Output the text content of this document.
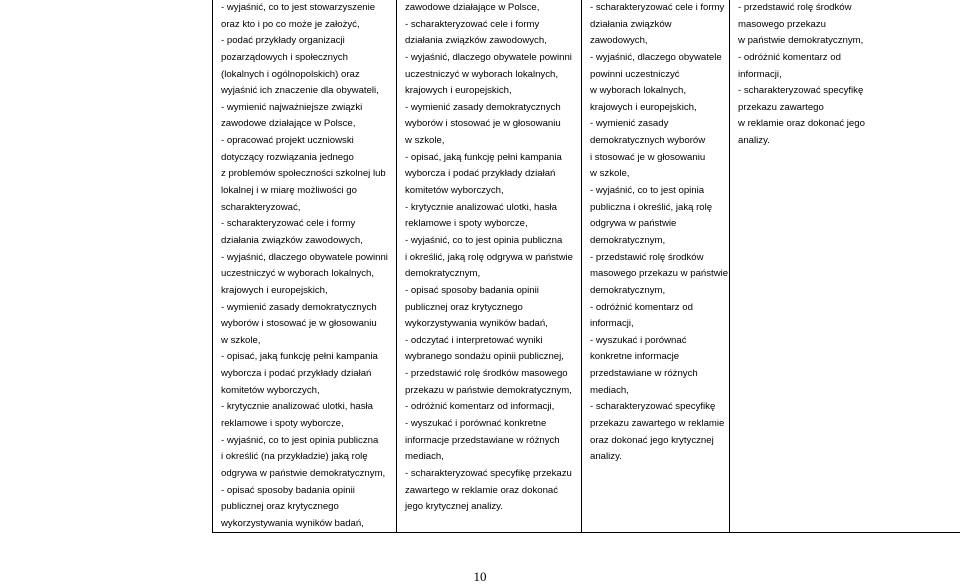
- wyjaśnić, co to jest stowarzyszenie
oraz kto i po co może je założyć,
- podać przykłady organizacji
pozarządowych i społecznych
(lokalnych i ogólnopolskich) oraz
wyjaśnić ich znaczenie dla obywateli,
- wymienić najważniejsze związki
zawodowe działające w Polsce,
- opracować projekt uczniowski
dotyczący rozwiązania jednego
z problemów społeczności szkolnej lub
lokalnej i w miarę możliwości go
scharakteryzować,
- scharakteryzować cele i formy
działania związków zawodowych,
- wyjaśnić, dlaczego obywatele powinni
uczestniczyć w wyborach lokalnych,
krajowych i europejskich,
- wymienić zasady demokratycznych
wyborów i stosować je w głosowaniu
w szkole,
- opisać, jaką funkcję pełni kampania
wyborcza i podać przykłady działań
komitetów wyborczych,
- krytycznie analizować ulotki, hasła
reklamowe i spoty wyborcze,
- wyjaśnić, co to jest opinia publiczna
i określić (na przykładzie) jaką rolę
odgrywa w państwie demokratycznym,
- opisać sposoby badania opinii
publicznej oraz krytycznego
wykorzystywania wyników badań,
zawodowe działające w Polsce,
- scharakteryzować cele i formy
działania związków zawodowych,
- wyjaśnić, dlaczego obywatele powinni
uczestniczyć w wyborach lokalnych,
krajowych i europejskich,
- wymienić zasady demokratycznych
wyborów i stosować je w głosowaniu
w szkole,
- opisać, jaką funkcję pełni kampania
wyborcza i podać przykłady działań
komitetów wyborczych,
- krytycznie analizować ulotki, hasła
reklamowe i spoty wyborcze,
- wyjaśnić, co to jest opinia publiczna
i określić, jaką rolę odgrywa w państwie
demokratycznym,
- opisać sposoby badania opinii
publicznej oraz krytycznego
wykorzystywania wyników badań,
- odczytać i interpretować wyniki
wybranego sondażu opinii publicznej,
- przedstawić rolę środków masowego
przekazu w państwie demokratycznym,
- odróżnić komentarz od informacji,
- wyszukać i porównać konkretne
informacje przedstawiane w różnych
mediach,
- scharakteryzować specyfikę przekazu
zawartego w reklamie oraz dokonać
jego krytycznej analizy.
- scharakteryzować cele i formy
działania związków
zawodowych,
- wyjaśnić, dlaczego obywatele
powinni uczestniczyć
w wyborach lokalnych,
krajowych i europejskich,
- wymienić zasady
demokratycznych wyborów
i stosować je w głosowaniu
w szkole,
- wyjaśnić, co to jest opinia
publiczna i określić, jaką rolę
odgrywa w państwie
demokratycznym,
- przedstawić rolę środków
masowego przekazu w państwie
demokratycznym,
- odróżnić komentarz od
informacji,
- wyszukać i porównać
konkretne informacje
przedstawiane w różnych
mediach,
- scharakteryzować specyfikę
przekazu zawartego w reklamie
oraz dokonać jego krytycznej
analizy.
- przedstawić rolę środków
masowego przekazu
w państwie demokratycznym,
- odróżnić komentarz od
informacji,
- scharakteryzować specyfikę
przekazu zawartego
w reklamie oraz dokonać jego
analizy.
10
